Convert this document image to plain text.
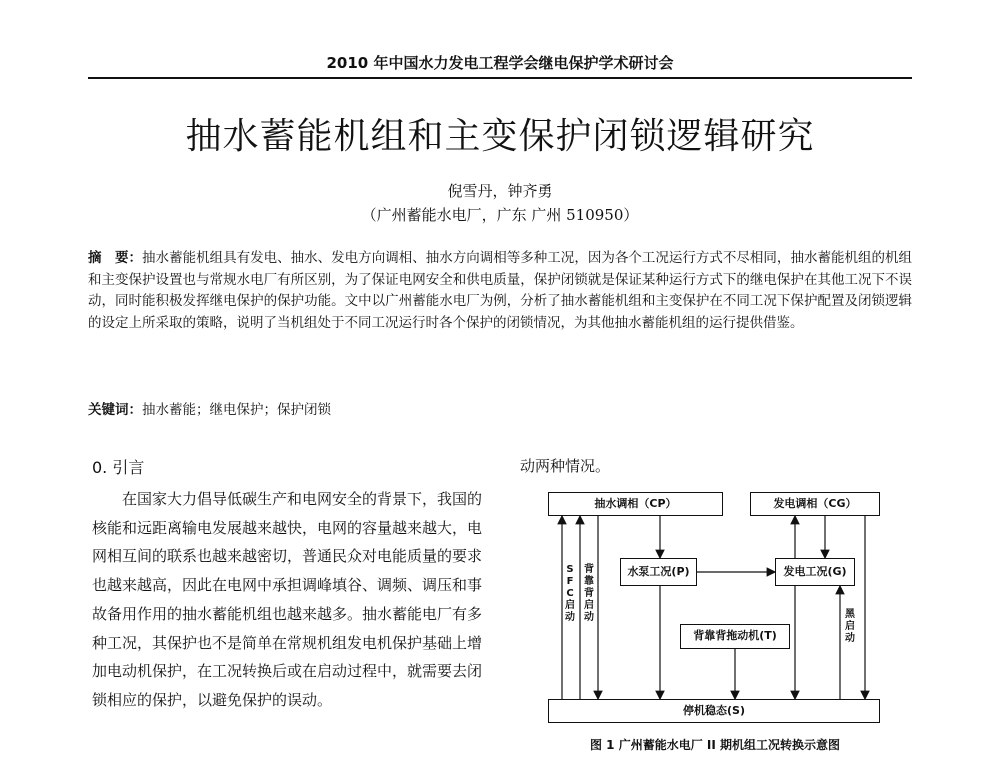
2010 年中国水力发电工程学会继电保护学术研讨会
抽水蓄能机组和主变保护闭锁逻辑研究
倪雪丹，钟齐勇
（广州蓄能水电厂，广东 广州 510950）
摘　要：抽水蓄能机组具有发电、抽水、发电方向调相、抽水方向调相等多种工况，因为各个工况运行方式不尽相同，抽水蓄能机组的机组和主变保护设置也与常规水电厂有所区别，为了保证电网安全和供电质量，保护闭锁就是保证某种运行方式下的继电保护在其他工况下不误动，同时能积极发挥继电保护的保护功能。文中以广州蓄能水电厂为例，分析了抽水蓄能机组和主变保护在不同工况下保护配置及闭锁逻辑的设定上所采取的策略，说明了当机组处于不同工况运行时各个保护的闭锁情况，为其他抽水蓄能机组的运行提供借鉴。
关键词：抽水蓄能；继电保护；保护闭锁
0. 引言

在国家大力倡导低碳生产和电网安全的背景下，我国的核能和远距离输电发展越来越快，电网的容量越来越大，电网相互间的联系也越来越密切，普通民众对电能质量的要求也越来越高，因此在电网中承担调峰填谷、调频、调压和事故备用作用的抽水蓄能机组也越来越多。抽水蓄能电厂有多种工况，其保护也不是简单在常规机组发电机保护基础上增加电动机保护，在工况转换后或在启动过程中，就需要去闭锁相应的保护，以避免保护的误动。

动两种情况。
抽水调相（CP）	发电调相（CG）
水泵工况(P)	发电工况(G)
背靠背拖动机(T)
停机稳态(S)
SFC启动
背靠背启动	黑启动
图 1 广州蓄能水电厂 II 期机组工况转换示意图
